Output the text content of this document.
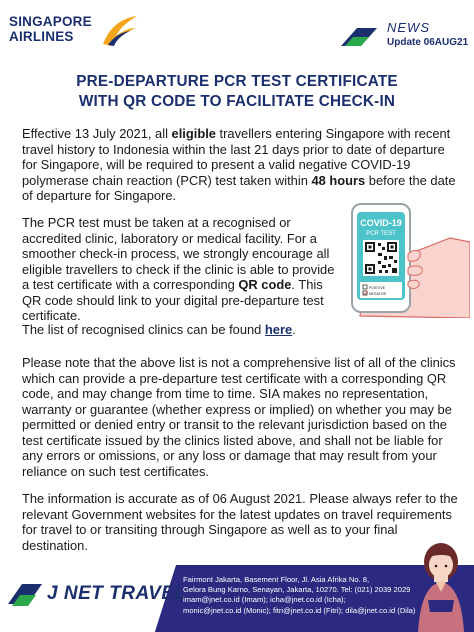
SINGAPORE
AIRLINES
NEWS
Update 06AUG21
PRE-DEPARTURE PCR TEST CERTIFICATE
WITH QR CODE TO FACILITATE CHECK-IN
Effective 13 July 2021, all eligible travellers entering Singapore with recent travel history to Indonesia within the last 21 days prior to date of departure for Singapore, will be required to present a valid negative COVID-19 polymerase chain reaction (PCR) test taken within 48 hours before the date of departure for Singapore.
The PCR test must be taken at a recognised or accredited clinic, laboratory or medical facility. For a smoother check-in process, we strongly encourage all eligible travellers to check if the clinic is able to provide a test certificate with a corresponding QR code. This QR code should link to your digital pre-departure test certificate.
COVID-19
PCR TEST
POSITIVE
NEGATIVE
The list of recognised clinics can be found here.
Please note that the above list is not a comprehensive list of all of the clinics which can provide a pre-departure test certificate with a corresponding QR code, and may change from time to time. SIA makes no representation, warranty or guarantee (whether express or implied) on whether you may be permitted or denied entry or transit to the relevant jurisdiction based on the test certificate issued by the clinics listed above, and shall not be liable for any errors or omissions, or any loss or damage that may result from your reliance on such test certificates.
The information is accurate as of 06 August 2021. Please always refer to the relevant Government websites for the latest updates on travel requirements for travel to or transiting through Singapore as well as to your final destination.
J NET TRAVEL
Fairmont Jakarta, Basement Floor, Jl. Asia Afrika No. 8,
Gelora Bung Karno, Senayan, Jakarta, 10270. Tel: (021) 2039 2029
imam@jnet.co.id (Imam); icha@jnet.co.id (Icha);
monic@jnet.co.id (Monic); fitri@jnet.co.id (Fitri); dila@jnet.co.id (Dila)
